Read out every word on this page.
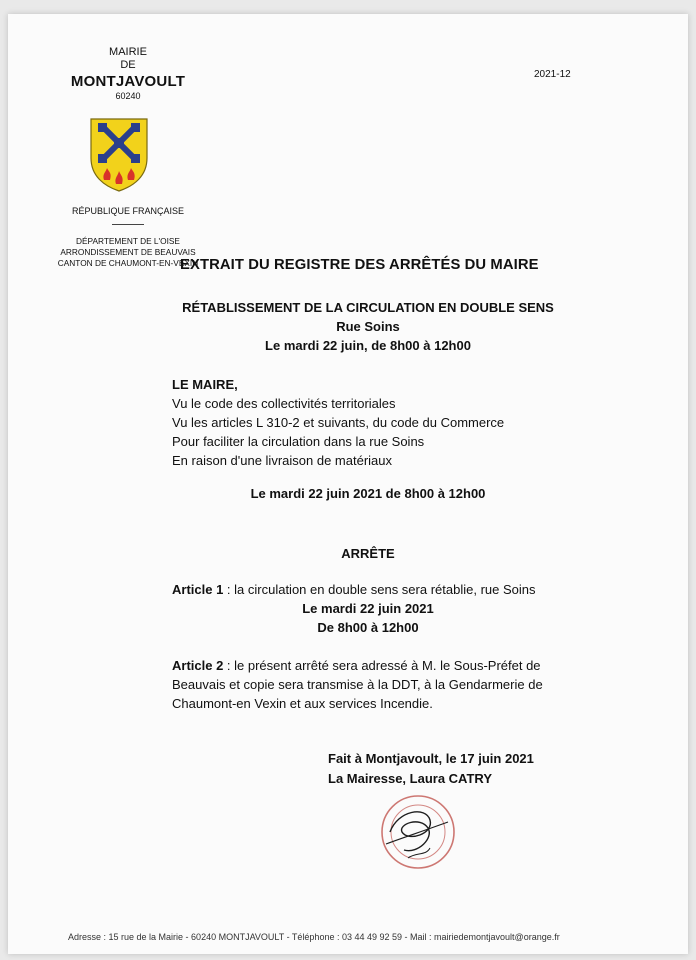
MAIRIE
DE
MONTJAVOULT
60240
2021-12
RÉPUBLIQUE FRANÇAISE
DÉPARTEMENT DE L'OISE
ARRONDISSEMENT DE BEAUVAIS
CANTON DE CHAUMONT-EN-VEXIN
EXTRAIT DU REGISTRE DES ARRÊTÉS DU MAIRE
RÉTABLISSEMENT DE LA CIRCULATION EN DOUBLE SENS
Rue Soins
Le mardi 22 juin, de 8h00 à 12h00
LE MAIRE,
Vu le code des collectivités territoriales
Vu les articles L 310-2 et suivants, du code du Commerce
Pour faciliter la circulation dans la rue Soins
En raison d'une livraison de matériaux
Le mardi 22 juin 2021 de 8h00 à 12h00
ARRÊTE
Article 1 : la circulation en double sens sera rétablie, rue Soins
Le mardi 22 juin 2021
De 8h00 à 12h00
Article 2 : le présent arrêté sera adressé à M. le Sous-Préfet de Beauvais et copie sera transmise à la DDT, à la Gendarmerie de Chaumont-en Vexin et aux services Incendie.
Fait à Montjavoult, le 17 juin 2021
La Mairesse, Laura CATRY
Adresse : 15 rue de la Mairie - 60240 MONTJAVOULT - Téléphone : 03 44 49 92 59 - Mail : mairiedemontjavoult@orange.fr
